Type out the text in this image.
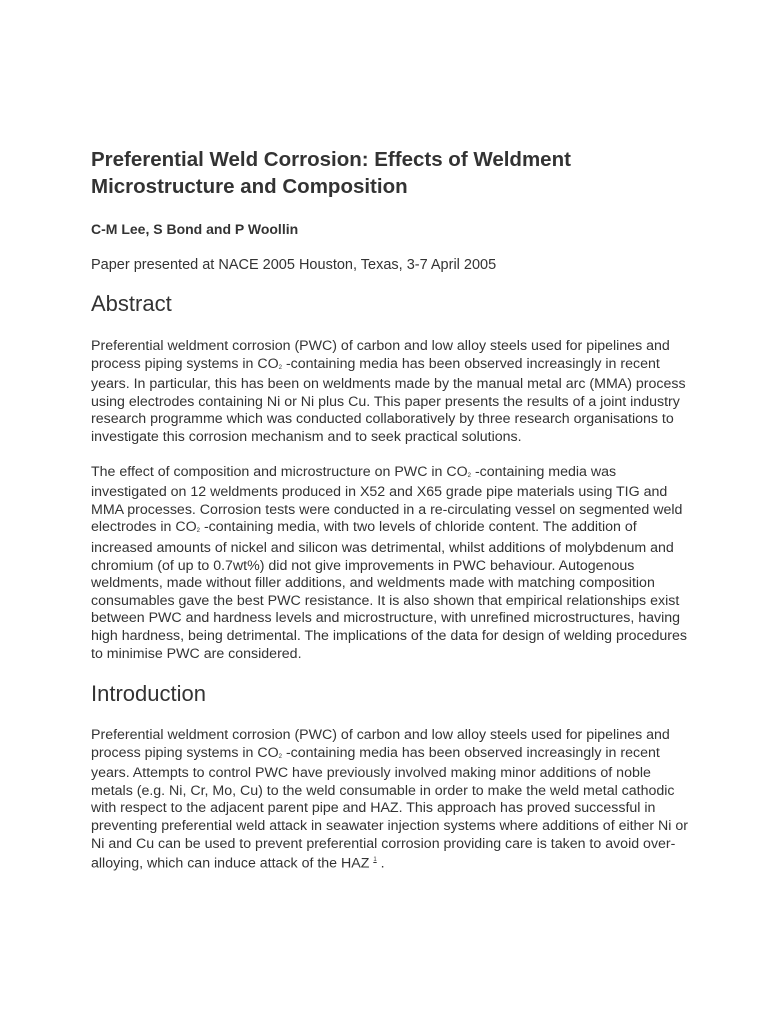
Preferential Weld Corrosion: Effects of Weldment Microstructure and Composition

C-M Lee, S Bond and P Woollin

Paper presented at NACE 2005 Houston, Texas, 3-7 April 2005

Abstract

Preferential weldment corrosion (PWC) of carbon and low alloy steels used for pipelines and process piping systems in $CO_2$ -containing media has been observed increasingly in recent years. In particular, this has been on weldments made by the manual metal arc (MMA) process using electrodes containing Ni or Ni plus Cu. This paper presents the results of a joint industry research programme which was conducted collaboratively by three research organisations to investigate this corrosion mechanism and to seek practical solutions.

The effect of composition and microstructure on PWC in $CO_2$ -containing media was investigated on 12 weldments produced in X52 and X65 grade pipe materials using TIG and MMA processes. Corrosion tests were conducted in a re-circulating vessel on segmented weld electrodes in $CO_2$ -containing media, with two levels of chloride content. The addition of increased amounts of nickel and silicon was detrimental, whilst additions of molybdenum and chromium (of up to 0.7wt%) did not give improvements in PWC behaviour. Autogenous weldments, made without filler additions, and weldments made with matching composition consumables gave the best PWC resistance. It is also shown that empirical relationships exist between PWC and hardness levels and microstructure, with unrefined microstructures, having high hardness, being detrimental. The implications of the data for design of welding procedures to minimise PWC are considered.

Introduction

Preferential weldment corrosion (PWC) of carbon and low alloy steels used for pipelines and process piping systems in $CO_2$ -containing media has been observed increasingly in recent years. Attempts to control PWC have previously involved making minor additions of noble metals (e.g. Ni, Cr, Mo, Cu) to the weld consumable in order to make the weld metal cathodic with respect to the adjacent parent pipe and HAZ. This approach has proved successful in preventing preferential weld attack in seawater injection systems where additions of either Ni or Ni and Cu can be used to prevent preferential corrosion providing care is taken to avoid over-alloying, which can induce attack of the HAZ $^1$ .
